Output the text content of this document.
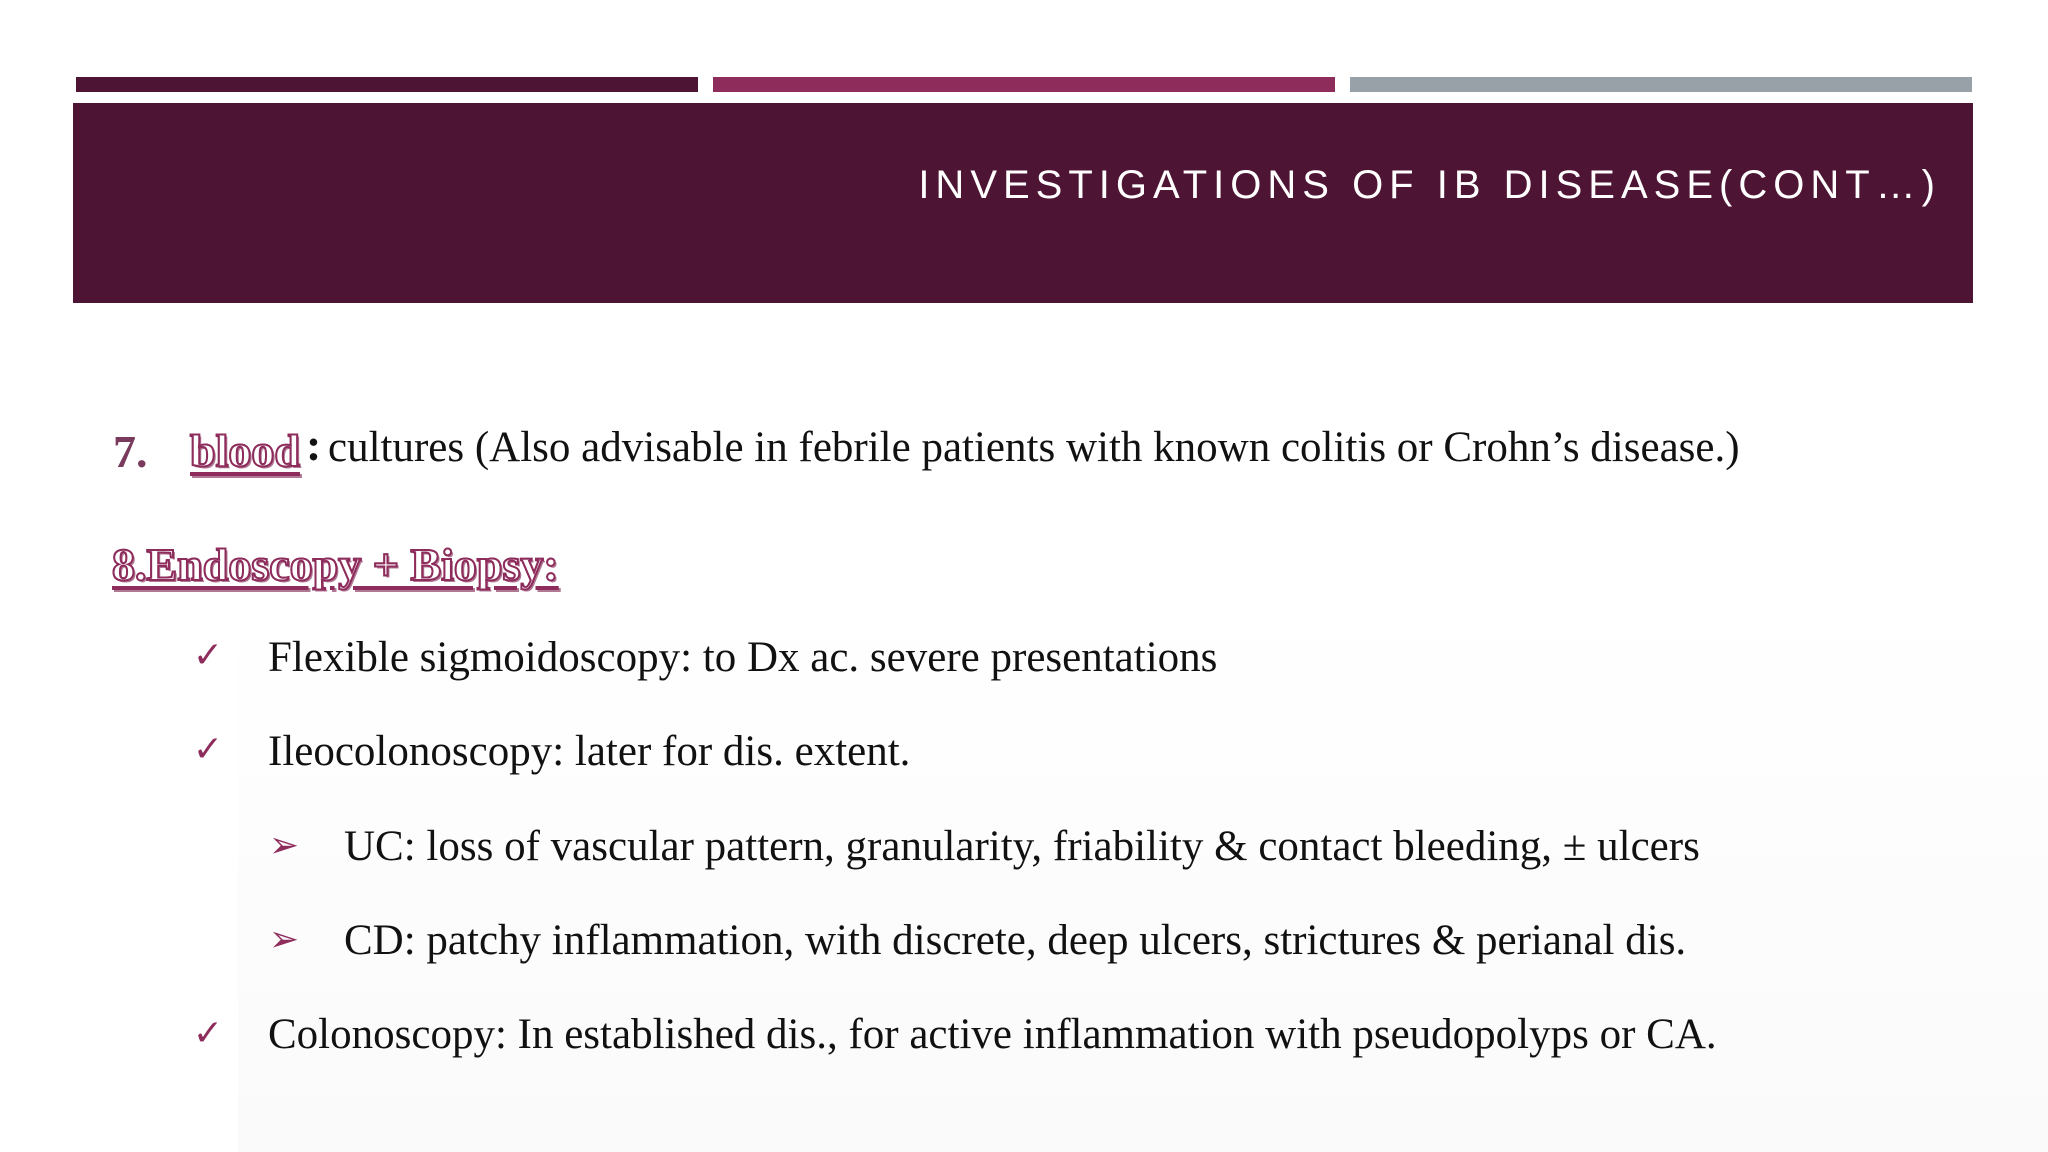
INVESTIGATIONS OF IB DISEASE(CONT…)
7. blood : cultures (Also advisable in febrile patients with known colitis or Crohn’s disease.)
8.Endoscopy + Biopsy:
✓ Flexible sigmoidoscopy: to Dx ac. severe presentations
✓ Ileocolonoscopy: later for dis. extent.
➢ UC: loss of vascular pattern, granularity, friability & contact bleeding, ± ulcers
➢ CD: patchy inflammation, with discrete, deep ulcers, strictures & perianal dis.
✓ Colonoscopy: In established dis., for active inflammation with pseudopolyps or CA.
